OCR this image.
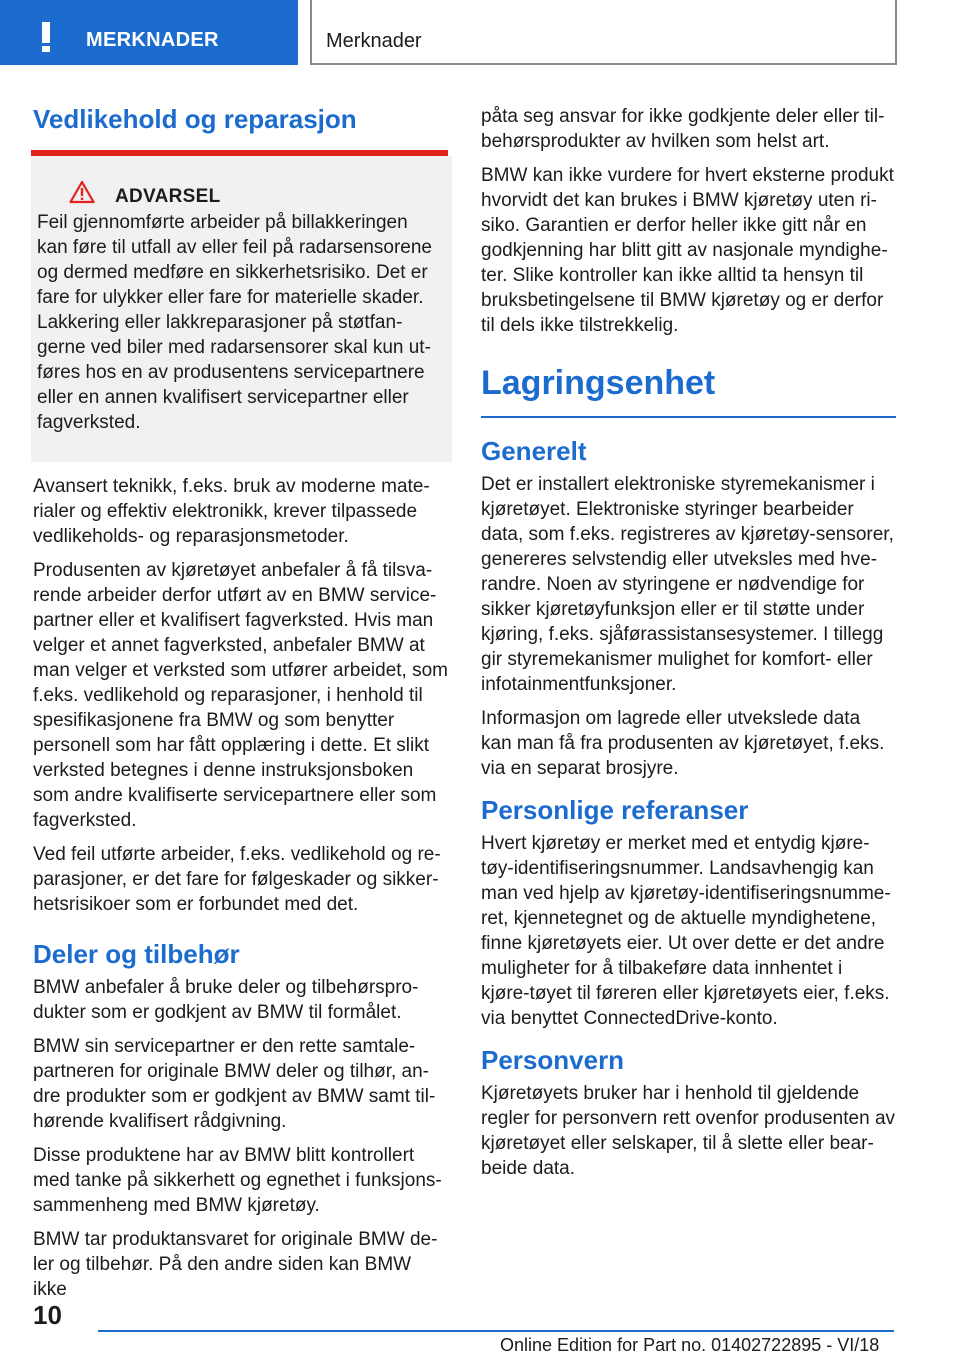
MERKNADER	Merknader
Vedlikehold og reparasjon
ADVARSEL

Feil gjennomførte arbeider på billakkeringen kan føre til utfall av eller feil på radarsensorene og dermed medføre en sikkerhetsrisiko. Det er fare for ulykker eller fare for materielle skader. Lakkering eller lakkreparasjoner på støtfan-gerne ved biler med radarsensorer skal kun ut-føres hos en av produsentens servicepartnere eller en annen kvalifisert servicepartner eller fagverksted.

Avansert teknikk, f.eks. bruk av moderne mate-rialer og effektiv elektronikk, krever tilpassede vedlikeholds- og reparasjonsmetoder.

Produsenten av kjøretøyet anbefaler å få tilsva-rende arbeider derfor utført av en BMW service-partner eller et kvalifisert fagverksted. Hvis man velger et annet fagverksted, anbefaler BMW at man velger et verksted som utfører arbeidet, som f.eks. vedlikehold og reparasjoner, i henhold til spesifikasjonene fra BMW og som benytter personell som har fått opplæring i dette. Et slikt verksted betegnes i denne instruksjonsboken som andre kvalifiserte servicepartnere eller som fagverksted.

Ved feil utførte arbeider, f.eks. vedlikehold og re-parasjoner, er det fare for følgeskader og sikker-hetsrisikoer som er forbundet med det.

Deler og tilbehør

BMW anbefaler å bruke deler og tilbehørspro-dukter som er godkjent av BMW til formålet.

BMW sin servicepartner er den rette samtale-partneren for originale BMW deler og tilhør, an-dre produkter som er godkjent av BMW samt til-hørende kvalifisert rådgivning.

Disse produktene har av BMW blitt kontrollert med tanke på sikkerhett og egnethet i funksjons-sammenheng med BMW kjøretøy.

BMW tar produktansvaret for originale BMW de-ler og tilbehør. På den andre siden kan BMW ikke

påta seg ansvar for ikke godkjente deler eller til-behørsprodukter av hvilken som helst art.

BMW kan ikke vurdere for hvert eksterne produkt hvorvidt det kan brukes i BMW kjøretøy uten ri-siko. Garantien er derfor heller ikke gitt når en godkjenning har blitt gitt av nasjonale myndighe-ter. Slike kontroller kan ikke alltid ta hensyn til bruksbetingelsene til BMW kjøretøy og er derfor til dels ikke tilstrekkelig.

Lagringsenhet
Generelt

Det er installert elektroniske styremekanismer i kjøretøyet. Elektroniske styringer bearbeider data, som f.eks. registreres av kjøretøy-sensorer, genereres selvstendig eller utveksles med hve-randre. Noen av styringene er nødvendige for sikker kjøretøyfunksjon eller er til støtte under kjøring, f.eks. sjåførassistansesystemer. I tillegg gir styremekanismer mulighet for komfort- eller infotainmentfunksjoner.

Informasjon om lagrede eller utvekslede data kan man få fra produsenten av kjøretøyet, f.eks. via en separat brosjyre.

Personlige referanser

Hvert kjøretøy er merket med et entydig kjøre-tøy-identifiseringsnummer. Landsavhengig kan man ved hjelp av kjøretøy-identifiseringsnumme-ret, kjennetegnet og de aktuelle myndighetene, finne kjøretøyets eier. Ut over dette er det andre muligheter for å tilbakeføre data innhentet i kjøre-tøyet til føreren eller kjøretøyets eier, f.eks. via benyttet ConnectedDrive-konto.

Personvern

Kjøretøyets bruker har i henhold til gjeldende regler for personvern rett ovenfor produsenten av kjøretøyet eller selskaper, til å slette eller bear-beide data.

10
Online Edition for Part no. 01402722895 - VI/18
